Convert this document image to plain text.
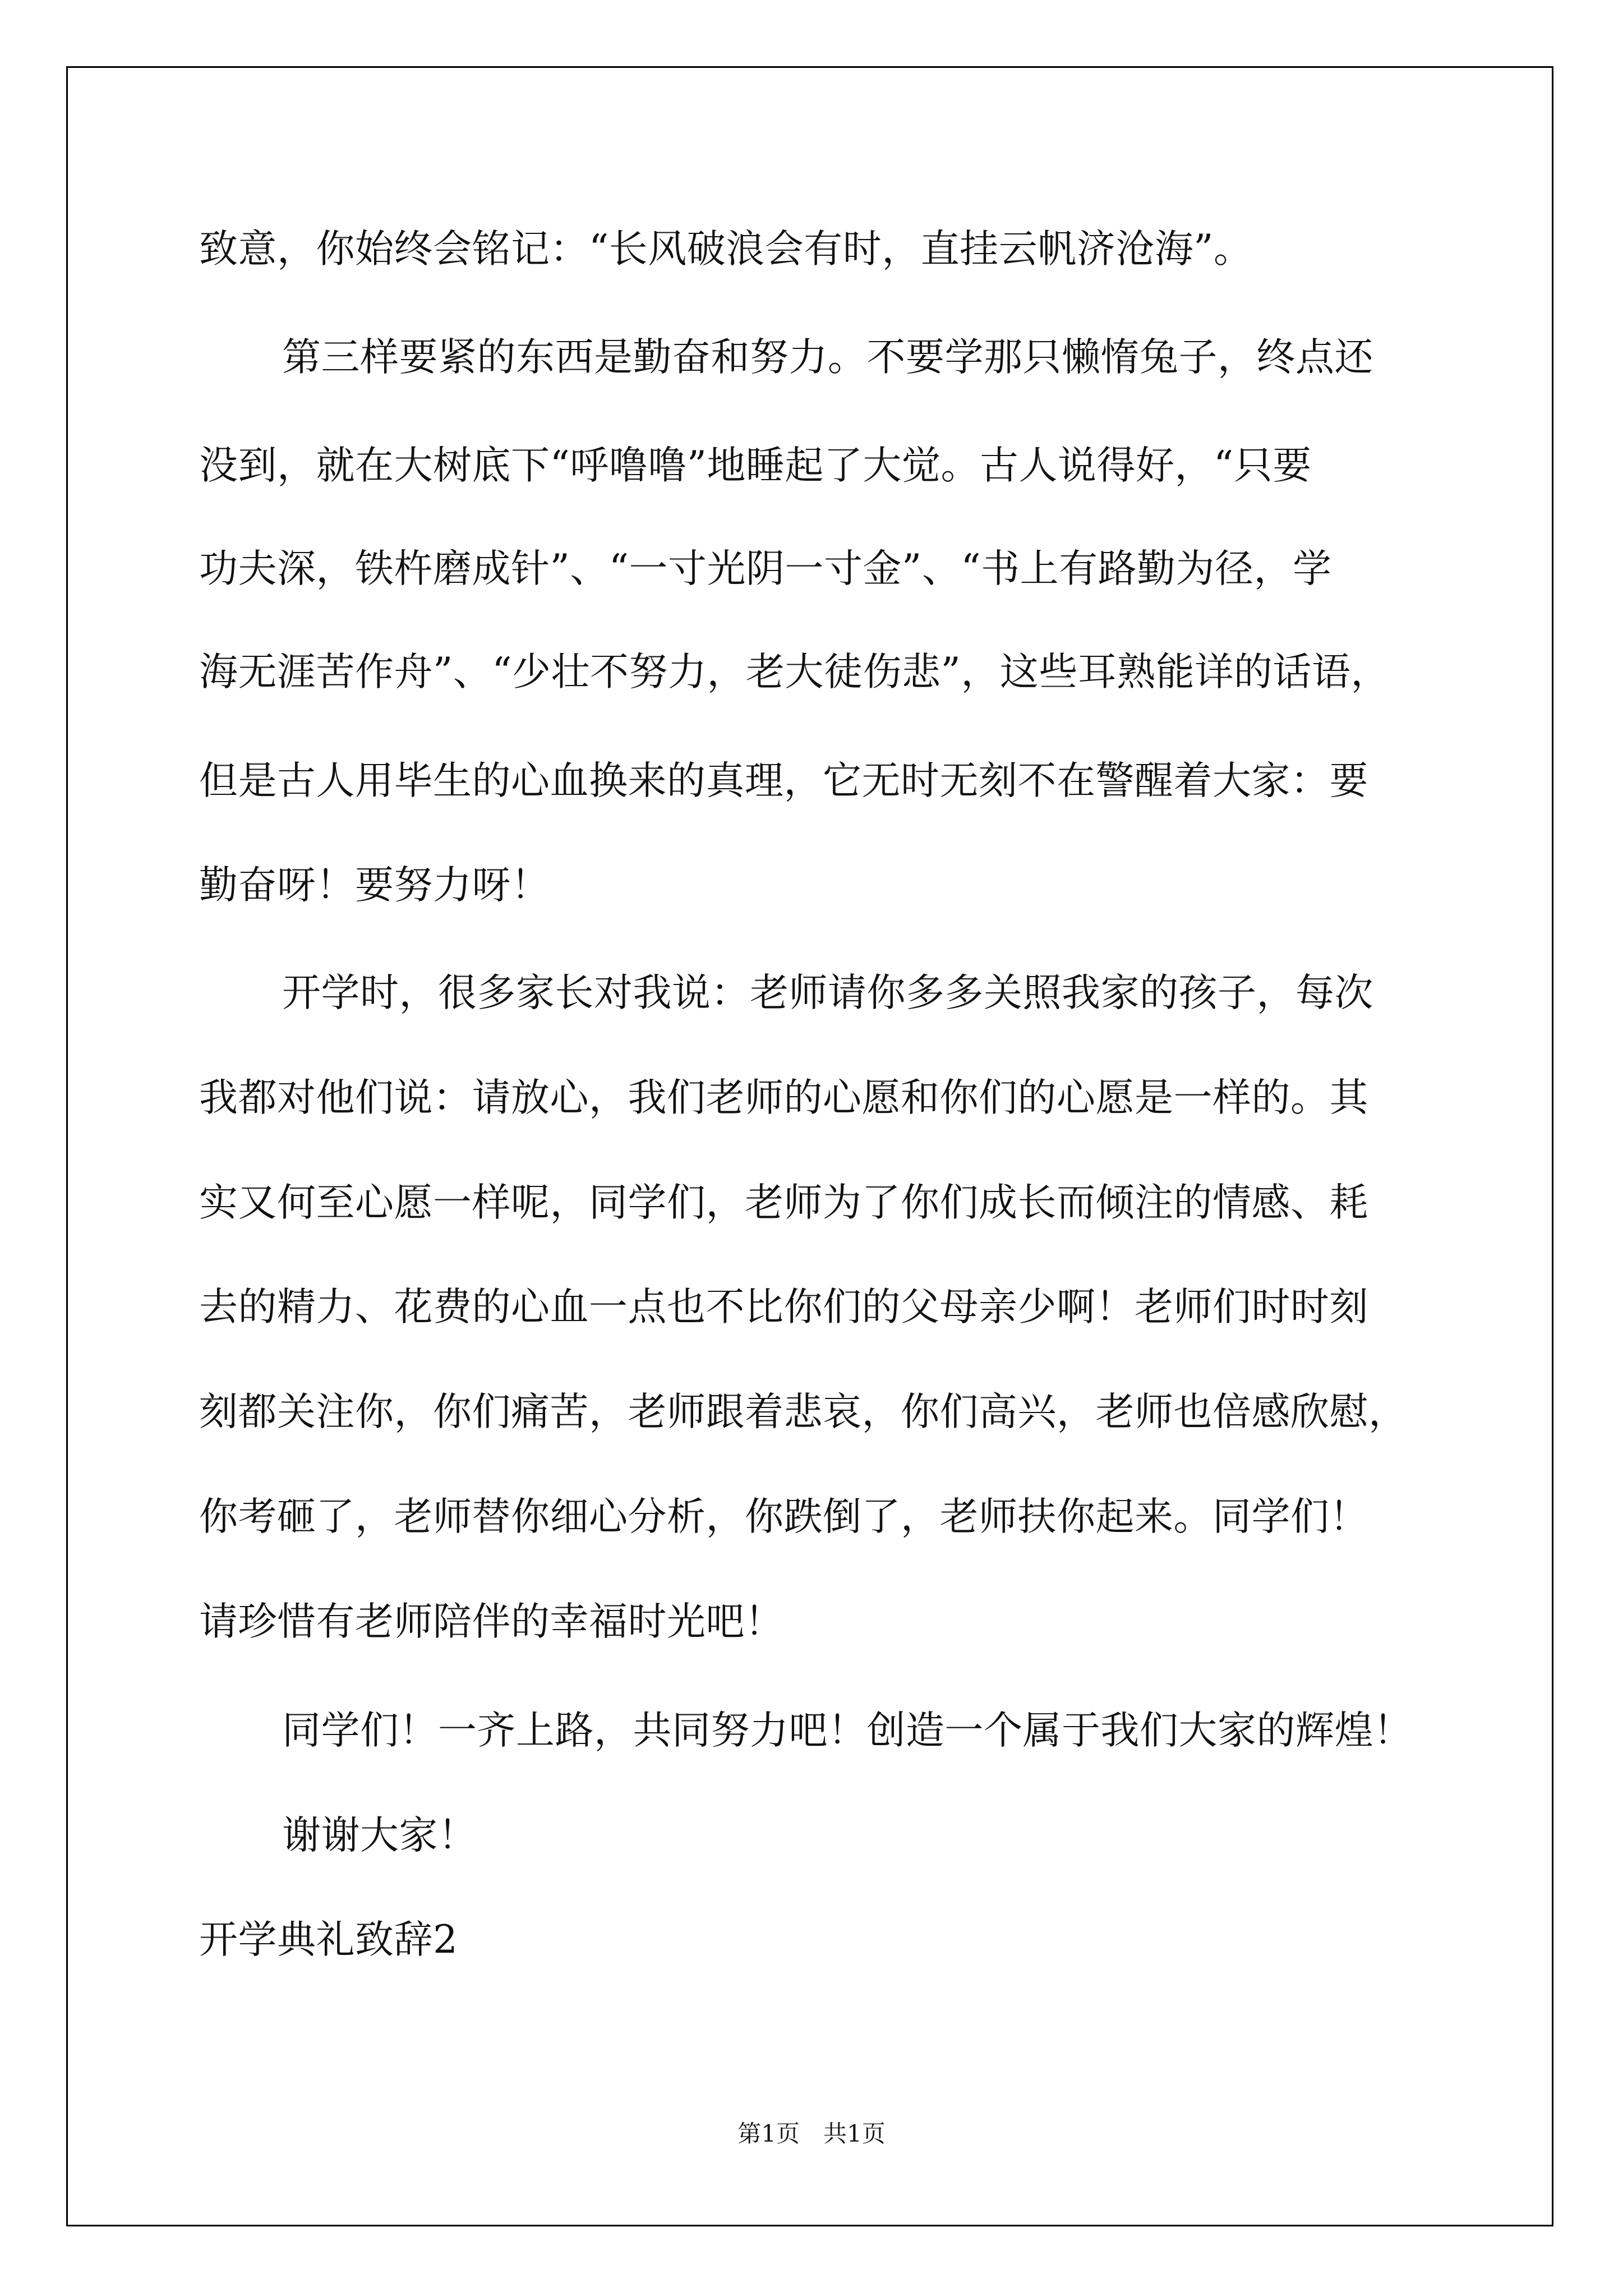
致意，你始终会铭记：“长风破浪会有时，直挂云帆济沧海”。
第三样要紧的东西是勤奋和努力。不要学那只懒惰兔子，终点还
没到，就在大树底下“呼噜噜”地睡起了大觉。古人说得好，“只要
功夫深，铁杵磨成针”、“一寸光阴一寸金”、“书上有路勤为径，学
海无涯苦作舟”、“少壮不努力，老大徒伤悲”，这些耳熟能详的话语，
但是古人用毕生的心血换来的真理，它无时无刻不在警醒着大家：要
勤奋呀！要努力呀！
开学时，很多家长对我说：老师请你多多关照我家的孩子，每次
我都对他们说：请放心，我们老师的心愿和你们的心愿是一样的。其
实又何至心愿一样呢，同学们，老师为了你们成长而倾注的情感、耗
去的精力、花费的心血一点也不比你们的父母亲少啊！老师们时时刻
刻都关注你，你们痛苦，老师跟着悲哀，你们高兴，老师也倍感欣慰，
你考砸了，老师替你细心分析，你跌倒了，老师扶你起来。同学们！
请珍惜有老师陪伴的幸福时光吧！
同学们！一齐上路，共同努力吧！创造一个属于我们大家的辉煌！
谢谢大家！
开学典礼致辞2
第1页　共1页
